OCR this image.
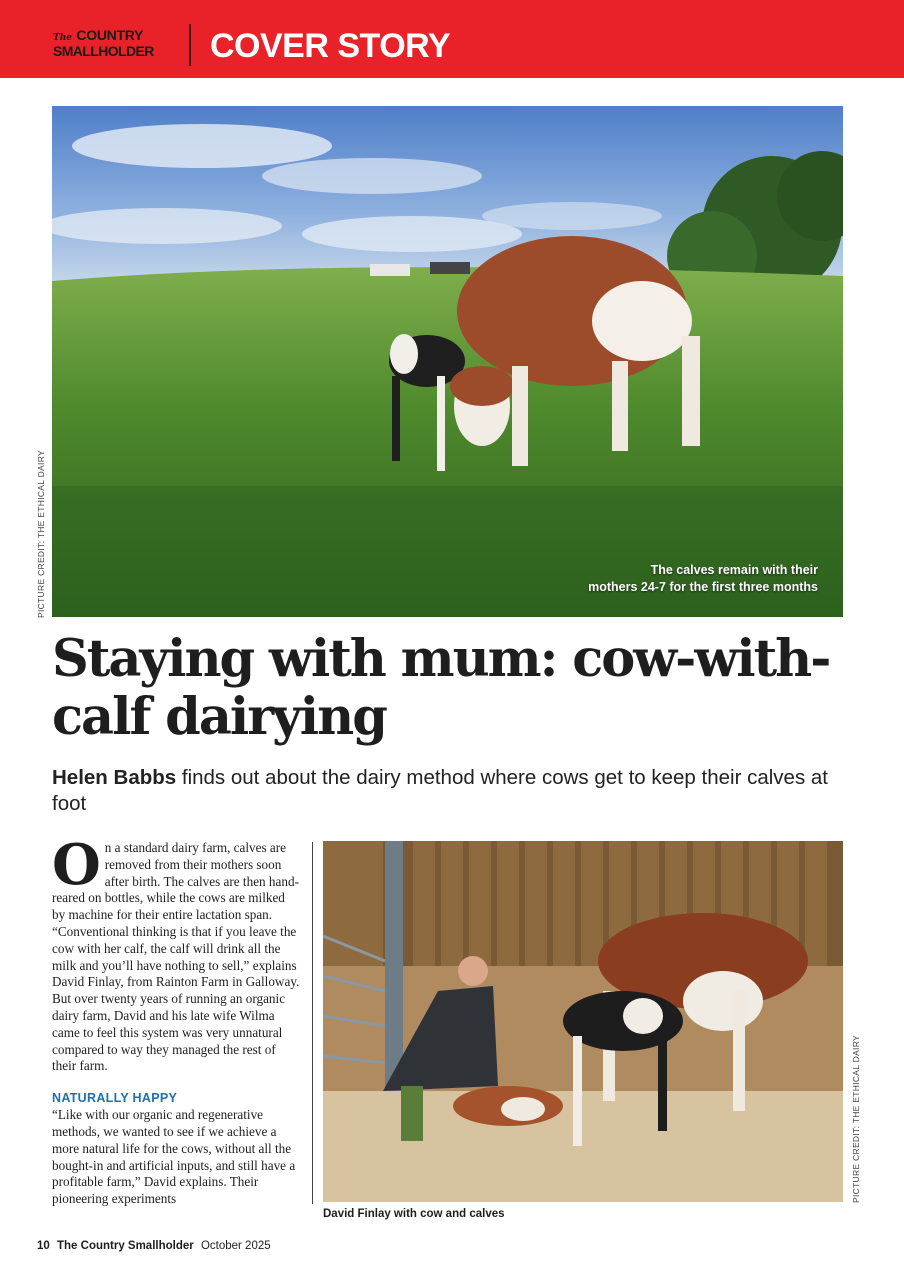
The COUNTRY
SMALLHOLDER	COVER STORY
The calves remain with their
mothers 24-7 for the first three months
PICTURE CREDIT: THE ETHICAL DAIRY
Staying with mum: cow-with-
calf dairying

Helen Babbs finds out about the dairy method where cows get to keep their calves at foot

On a standard dairy farm, calves are removed from their mothers soon after birth. The calves are then hand-reared on bottles, while the cows are milked by machine for their entire lactation span. “Conventional thinking is that if you leave the cow with her calf, the calf will drink all the milk and you’ll have nothing to sell,” explains David Finlay, from Rainton Farm in Galloway. But over twenty years of running an organic dairy farm, David and his late wife Wilma came to feel this system was very unnatural compared to way they managed the rest of their farm.

NATURALLY HAPPY

“Like with our organic and regenerative methods, we wanted to see if we achieve a more natural life for the cows, without all the bought-in and artificial inputs, and still have a profitable farm,” David explains. Their pioneering experiments	PICTURE CREDIT: THE ETHICAL DAIRY
David Finlay with cow and calves
10 The Country Smallholder October 2025
